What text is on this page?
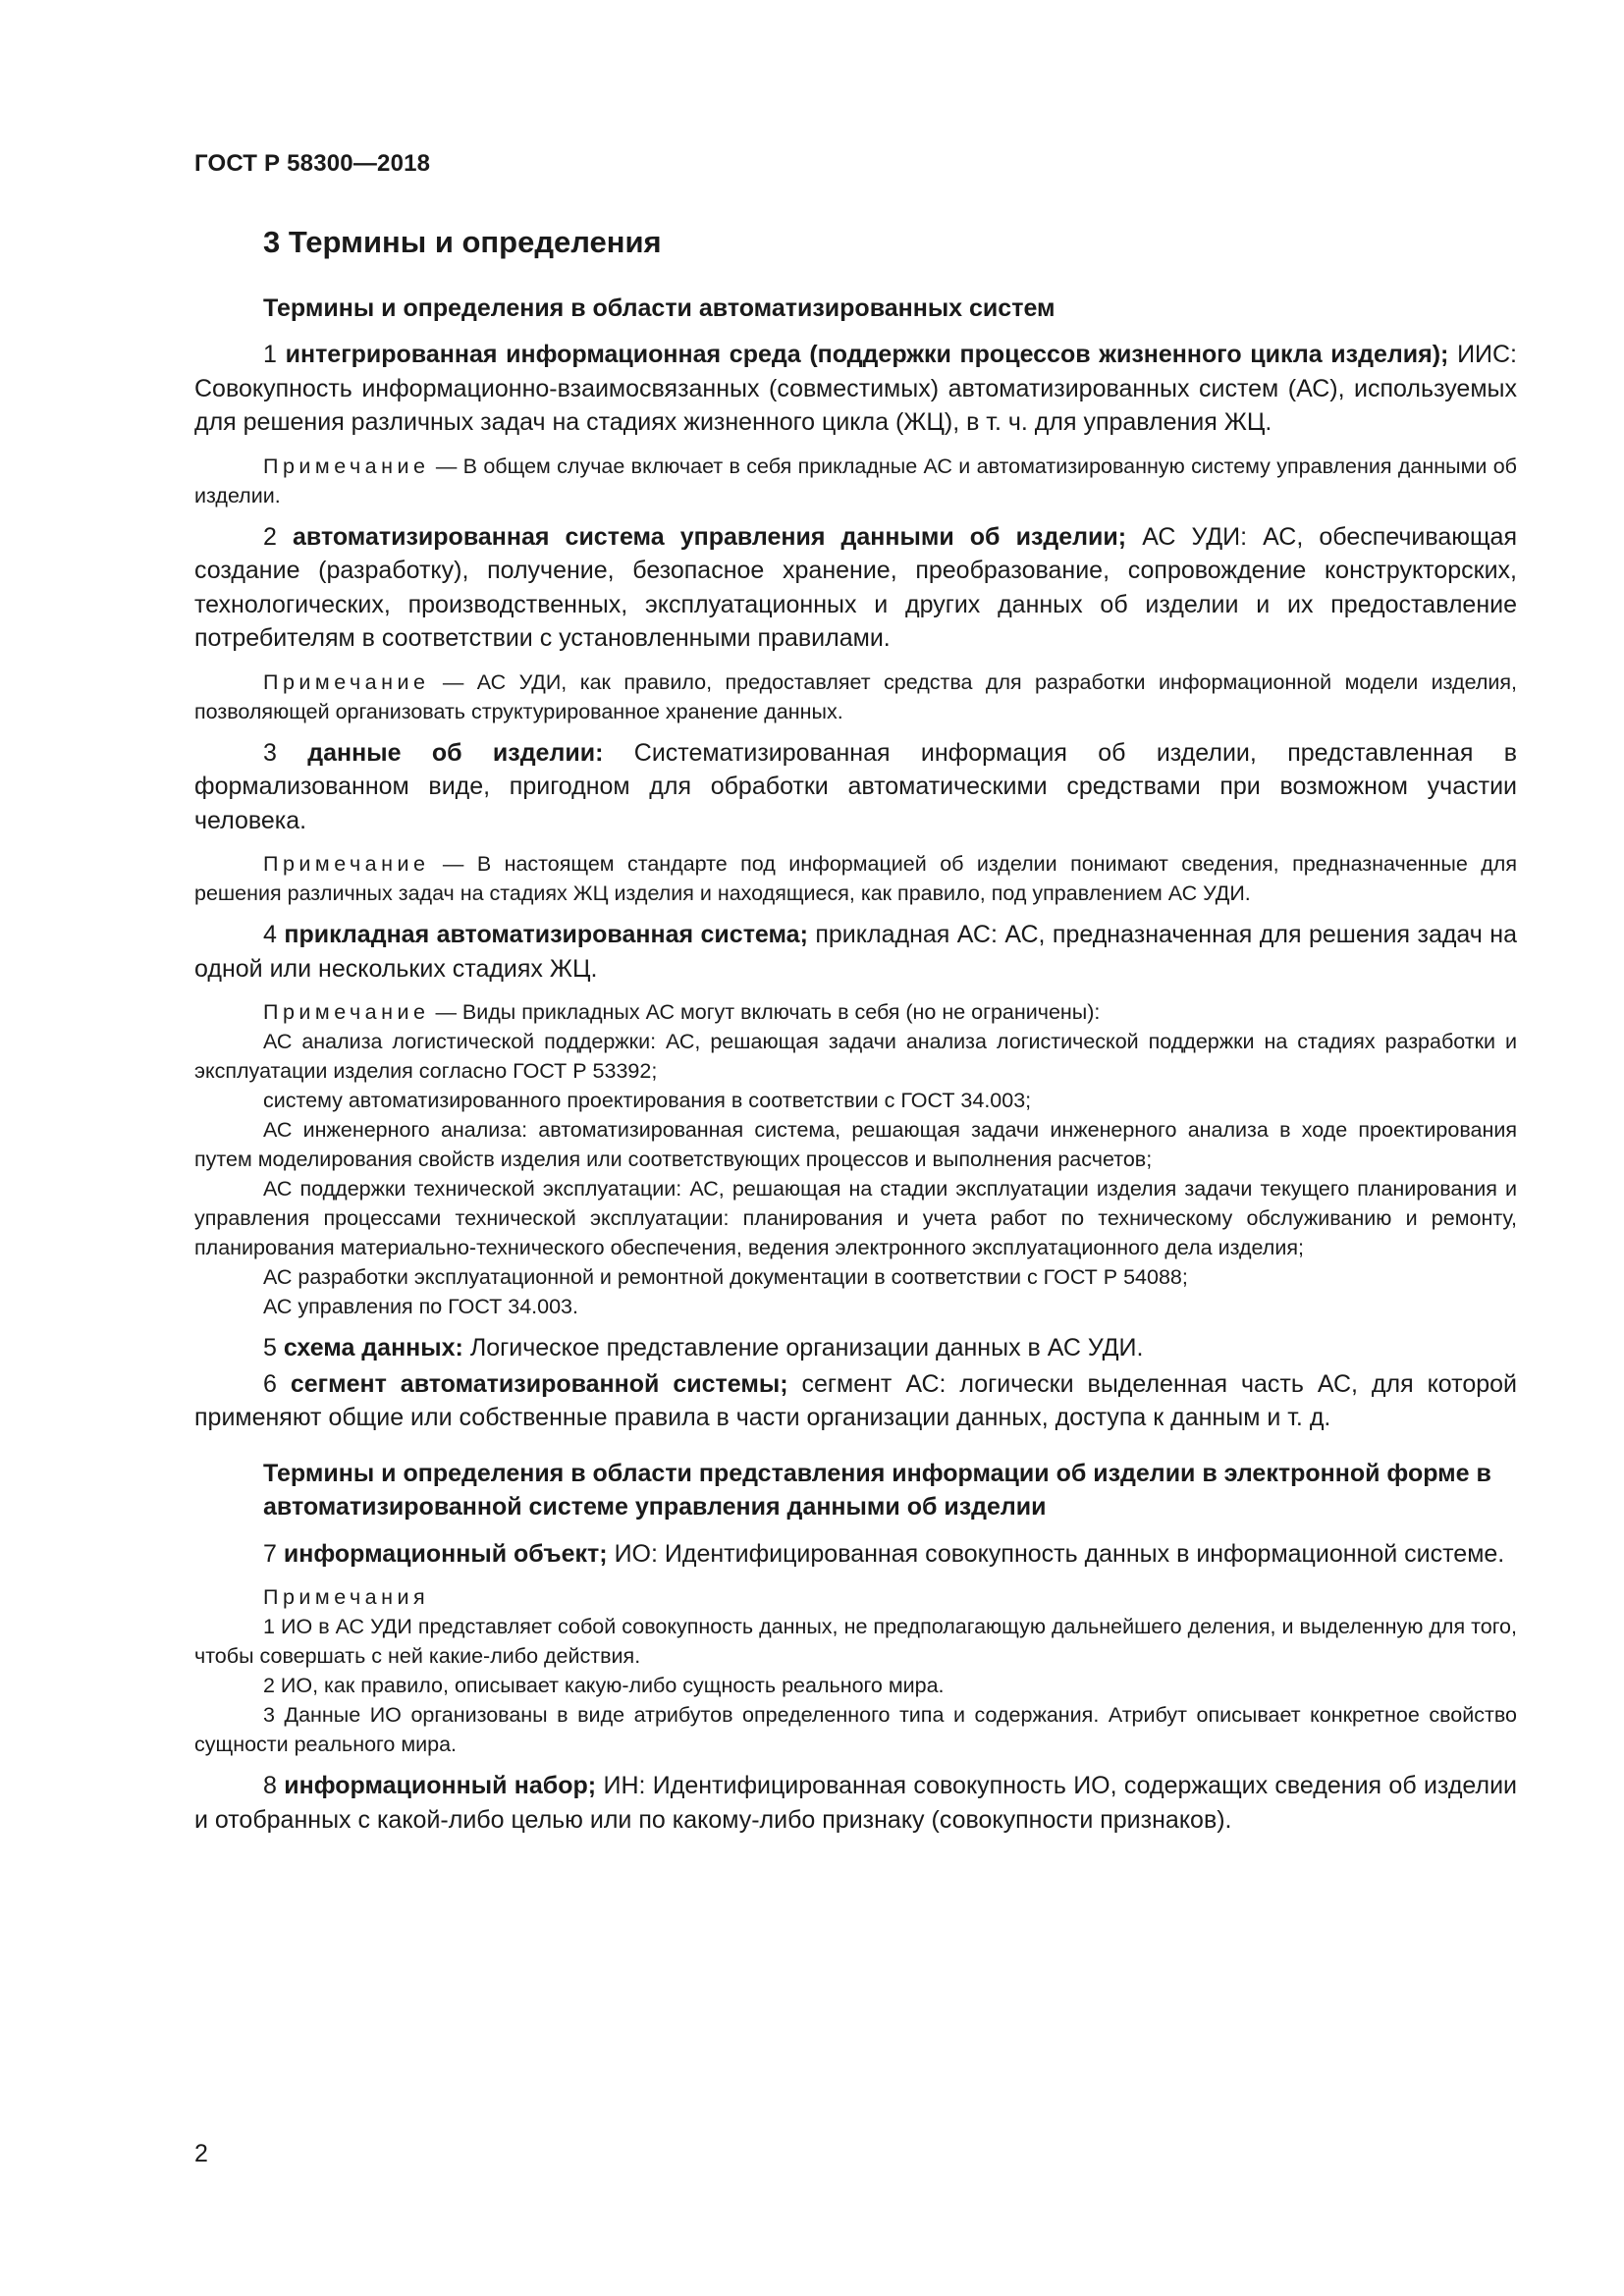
ГОСТ Р 58300—2018
3 Термины и определения
Термины и определения в области автоматизированных систем

1 интегрированная информационная среда (поддержки процессов жизненного цикла изделия); ИИС: Совокупность информационно-взаимосвязанных (совместимых) автоматизированных систем (АС), используемых для решения различных задач на стадиях жизненного цикла (ЖЦ), в т. ч. для управления ЖЦ.

Примечание — В общем случае включает в себя прикладные АС и автоматизированную систему управления данными об изделии.

2 автоматизированная система управления данными об изделии; АС УДИ: АС, обеспечивающая создание (разработку), получение, безопасное хранение, преобразование, сопровождение конструкторских, технологических, производственных, эксплуатационных и других данных об изделии и их предоставление потребителям в соответствии с установленными правилами.

Примечание — АС УДИ, как правило, предоставляет средства для разработки информационной модели изделия, позволяющей организовать структурированное хранение данных.

3 данные об изделии: Систематизированная информация об изделии, представленная в формализованном виде, пригодном для обработки автоматическими средствами при возможном участии человека.

Примечание — В настоящем стандарте под информацией об изделии понимают сведения, предназначенные для решения различных задач на стадиях ЖЦ изделия и находящиеся, как правило, под управлением АС УДИ.

4 прикладная автоматизированная система; прикладная АС: АС, предназначенная для решения задач на одной или нескольких стадиях ЖЦ.

Примечание — Виды прикладных АС могут включать в себя (но не ограничены):

АС анализа логистической поддержки: АС, решающая задачи анализа логистической поддержки на стадиях разработки и эксплуатации изделия согласно ГОСТ Р 53392;

систему автоматизированного проектирования в соответствии с ГОСТ 34.003;

АС инженерного анализа: автоматизированная система, решающая задачи инженерного анализа в ходе проектирования путем моделирования свойств изделия или соответствующих процессов и выполнения расчетов;

АС поддержки технической эксплуатации: АС, решающая на стадии эксплуатации изделия задачи текущего планирования и управления процессами технической эксплуатации: планирования и учета работ по техническому обслуживанию и ремонту, планирования материально-технического обеспечения, ведения электронного эксплуатационного дела изделия;

АС разработки эксплуатационной и ремонтной документации в соответствии с ГОСТ Р 54088;

АС управления по ГОСТ 34.003.

5 схема данных: Логическое представление организации данных в АС УДИ.

6 сегмент автоматизированной системы; сегмент АС: логически выделенная часть АС, для которой применяют общие или собственные правила в части организации данных, доступа к данным и т. д.

Термины и определения в области представления информации об изделии в электронной форме в автоматизированной системе управления данными об изделии

7 информационный объект; ИО: Идентифицированная совокупность данных в информационной системе.

Примечания

1 ИО в АС УДИ представляет собой совокупность данных, не предполагающую дальнейшего деления, и выделенную для того, чтобы совершать с ней какие-либо действия.

2 ИО, как правило, описывает какую-либо сущность реального мира.

3 Данные ИО организованы в виде атрибутов определенного типа и содержания. Атрибут описывает конкретное свойство сущности реального мира.

8 информационный набор; ИН: Идентифицированная совокупность ИО, содержащих сведения об изделии и отобранных с какой-либо целью или по какому-либо признаку (совокупности признаков).

2
